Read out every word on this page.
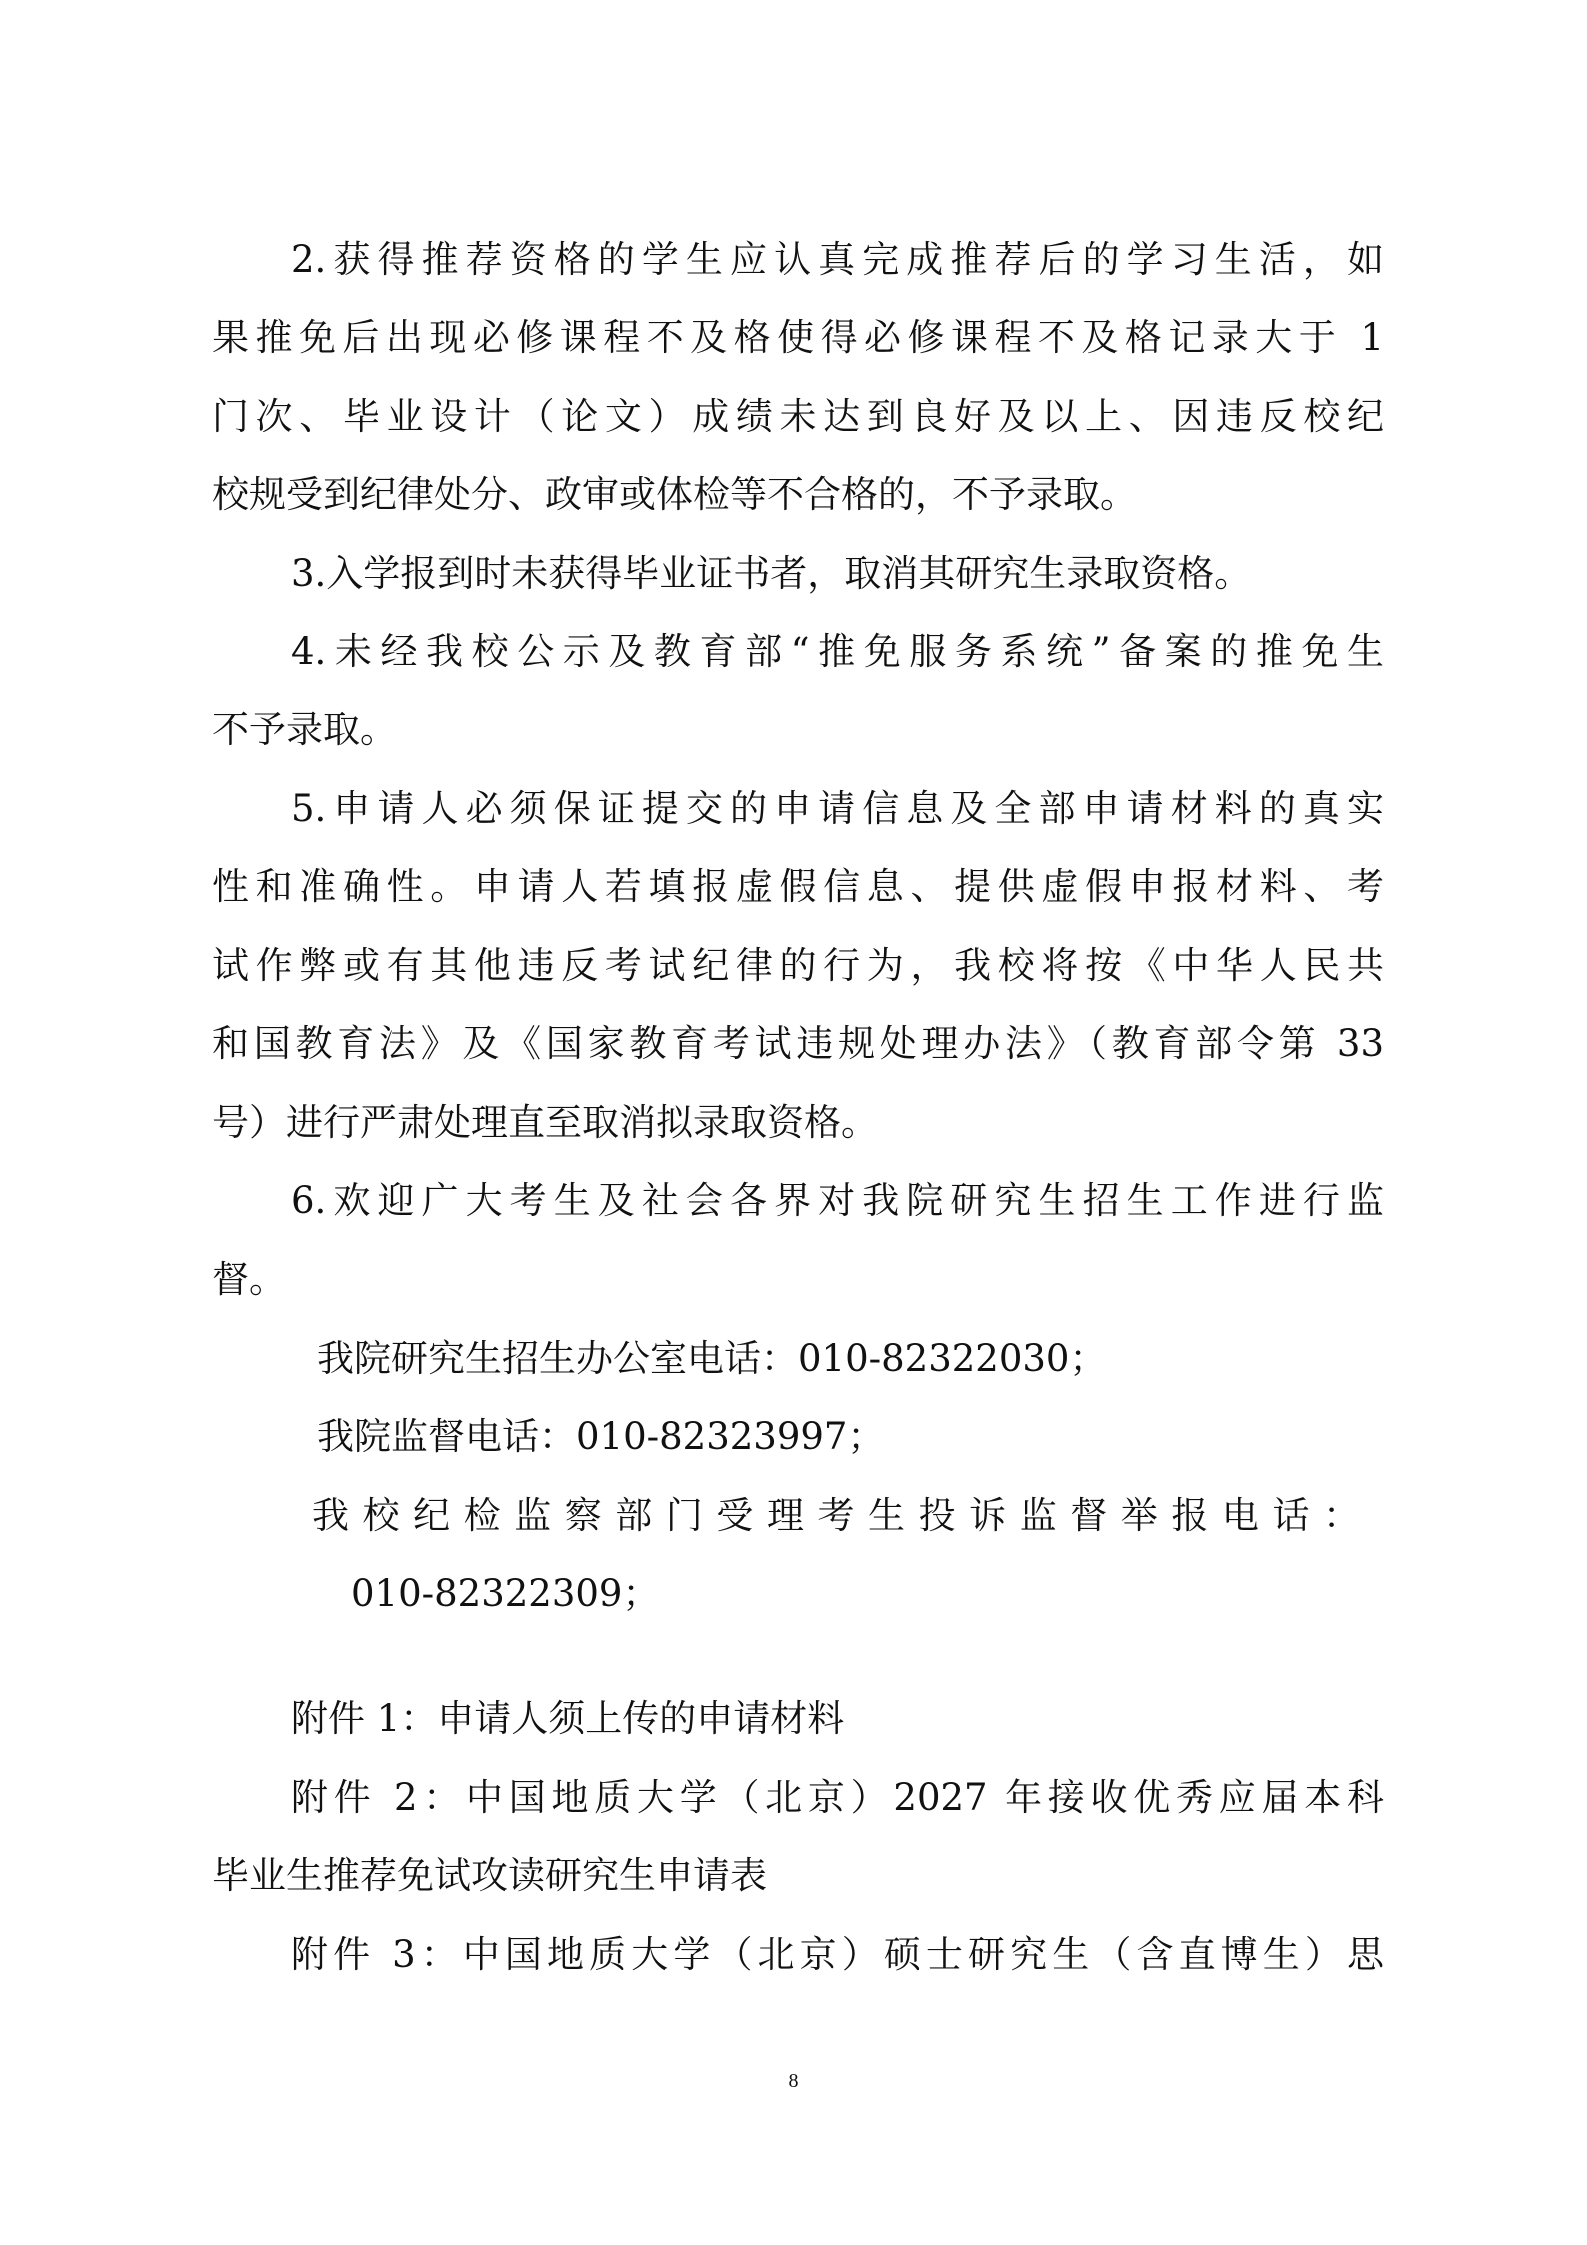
2.获得推荐资格的学生应认真完成推荐后的学习生活，如
果推免后出现必修课程不及格使得必修课程不及格记录大于 1
门次、毕业设计（论文）成绩未达到良好及以上、因违反校纪
校规受到纪律处分、政审或体检等不合格的，不予录取。
3.入学报到时未获得毕业证书者，取消其研究生录取资格。
4.未经我校公示及教育部“推免服务系统”备案的推免生
不予录取。
5.申请人必须保证提交的申请信息及全部申请材料的真实
性和准确性。申请人若填报虚假信息、提供虚假申报材料、考
试作弊或有其他违反考试纪律的行为，我校将按《中华人民共
和国教育法》及《国家教育考试违规处理办法》（教育部令第 33
号）进行严肃处理直至取消拟录取资格。
6.欢迎广大考生及社会各界对我院研究生招生工作进行监
督。
我院研究生招生办公室电话：010-82322030；
我院监督电话：010-82323997；
我校纪检监察部门受理考生投诉监督举报电话：
010-82322309；
附件 1：申请人须上传的申请材料
附件 2：中国地质大学（北京）2027 年接收优秀应届本科
毕业生推荐免试攻读研究生申请表
附件 3：中国地质大学（北京）硕士研究生（含直博生）思
8
